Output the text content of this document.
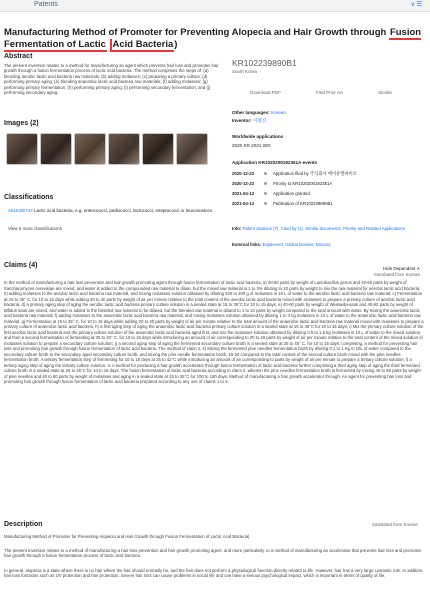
Patents	∨ ☰
Manufacturing Method of Promoter for Preventing Alopecia and Hair Growth through Fusion Fermentation of Lactic Acid Bacteria)
Abstract

The present invention relates to a method for manufacturing an agent which prevents hair loss and promotes hair growth through a fusion fermentation process of lactic acid bacteria. The method comprises the steps of: (a) blending aerobic lactic acid bacteria raw materials; (b) adding molasses; (c) preparing a primary culture; (d) performing primary aging; (e) blending anaerobic lactic acid bacteria raw materials; (f) adding molasses; (g) performing primary fermentation; (h) performing primary aging; (i) performing secondary fermentation; and (j) performing secondary aging.

Images (2)
Classifications
A61K35/744 Lactic acid bacteria, e.g. enterococci, pediococci, lactococci, streptococci or leuconostocs
View 6 more classifications
KR102239890B1
South Korea
Download PDF	Find Prior Art	Similar
Other languages: Korean
Inventor: 이철진
Worldwide applications
2020 KR 2021 WO
Application KR1020200182351A events
2020-12-23	Application filed by 주식회사 에이유엘바이오
2020-12-23	Priority to KR1020200182351A
2021-04-13	Application granted
2021-04-13	Publication of KR102239890B1
Info: Patent citations (7), Cited by (1), Similar documents, Priority and Related Applications
External links: Espacenet, Global Dossier, Discuss
Claims (4)	Hide Dependent ∧
translated from Korean

In the method of manufacturing a hair loss prevention and hair growth promoting agent through fusion fermentation of lactic acid bacteria, a) 40-60 parts by weight of Lactobacillus genus and 40-60 parts by weight of Saccharomyces cerevisiae are mixed, and water is added to the compounded raw material to dilute, but the mixed raw material is 1 to 3% diluting to 10 parts by weight to mix the raw material for aerobic lactic acid bacteria; b) adding molasses to the aerobic lactic acid bacteria raw material, and mixing molasses solution obtained by diluting 100 to 200 g of molasses in 10 L of water to the aerobic lactic acid bacteria raw material; c) Fermentation at 15 to 35° C. for 10 to 15 days while adding 20 to 40 parts by weight of air per minute relative to the total content of the aerobic lactic acid bacteria mixed with molasses to prepare a primary culture of aerobic lactic acid bacteria; d) a primary aging step of aging the aerobic lactic acid bacteria primary culture solution in a sealed state at 15 to 35°C for 10 to 15 days; e) 40-60 parts by weight of Weissella-sauk and 40-60 parts by weight of Bifidus-sauk are mixed, and water is added to the blended raw material to be diluted, but the blended raw material is diluted to 1 to 10 parts by weight compared to the total amount with water. By mixing the anaerobic lactic acid bacteria raw material; f) adding molasses to the anaerobic lactic acid bacteria raw material, and mixing molasses solution obtained by diluting 1 to 3 kg molasses in 10 L of water to the anaerobic lactic acid bacteria raw material; g) Fermentation at 15 to 35° C. for 10 to 15 days while adding 20 to 40 parts by weight of air per minute relative to the total amount of the anaerobic lactic acid bacteria raw material mixed with molasses to prepare a primary culture of anaerobic lactic acid bacteria; h) a first aging step of aging the anaerobic lactic acid bacteria primary culture solution in a sealed state at 15 to 35°C for 10 to 15 days; i) Mix the primary culture solution of the first aerobic lactic acid bacteria and the primary culture solution of the anaerobic lactic acid bacteria aged first, and mix the molasses solution obtained by diluting 0.5 to 1.5 kg molasses in 10 L of water to the mixed solution, and then a second fermentation of fermenting at 25 to 40° C. for 10 to 15 days while introducing an amount of air corresponding to 20 to 40 parts by weight of air per minute relative to the total content of the mixed solution of molasses solution to prepare a secondary culture solution; j) a second aging step of aging the fermented secondary culture broth in a sealed state at 25 to 45° C. for 10 to 15 days; comprising, a method for preventing hair loss and promoting hair growth through fusion fermentation of lactic acid bacteria. The method of claim 1, k) Mixing the fermented pine needles fermentation broth by diluting 0.1 to 1 Kg in 10L of water compared to the secondary culture broth to the secondary aged secondary culture broth, and mixing the pine needle fermentation broth, 10-20 compared to the total content of the second culture broth mixed with the pine needles fermentation broth. A tertiary fermentation step of fermenting for 10 to 15 days at 25 to 42°C while introducing an amount of air corresponding to parts by weight of air per minute to prepare a tertiary culture solution; l) a tertiary aging step of aging the tertiary culture solution. 3. A method for producing a hair growth accelerator through fusion fermentation of lactic acid bacteria further comprising a third aging step of aging the third fermented culture broth in a sealed state at 25 to 45°C for 10 to 15 days. The fusion fermentation of lactic acid bacteria according to claim 2, wherein the pine needles fermentation broth is fermented by mixing 40 to 60 parts by weight of pine needles and 40 to 60 parts by weight of molasses and aging in a sealed state at 15 to 35°C for 100 to 180 days. Method of manufacturing a hair growth accelerator through. An agent for preventing hair loss and promoting hair growth through fusion fermentation of lactic acid bacteria prepared according to any one of claims 1 to 3.

Description	translated from Korean

Manufacturing Method of Promoter for Preventing Alopecia and Hair Growth through Fusion Fermentation of Lactic Acid Bacteria}

The present invention relates to a method of manufacturing a hair loss prevention and hair growth promoting agent, and more particularly, to a method of manufacturing an accelerator that prevents hair loss and promotes hair growth through a fusion fermentation process of lactic acid bacteria.

In general, alopecia is a state where there is no hair where the hair should normally be, and the hair does not perform a physiological function directly related to life. However, hair has a very large cosmetic role. In addition, hair loss functions such as UV protection and hair protection. Severe hair loss can cause problems in social life and can have a serious psychological impact, which is important in terms of quality of life.
